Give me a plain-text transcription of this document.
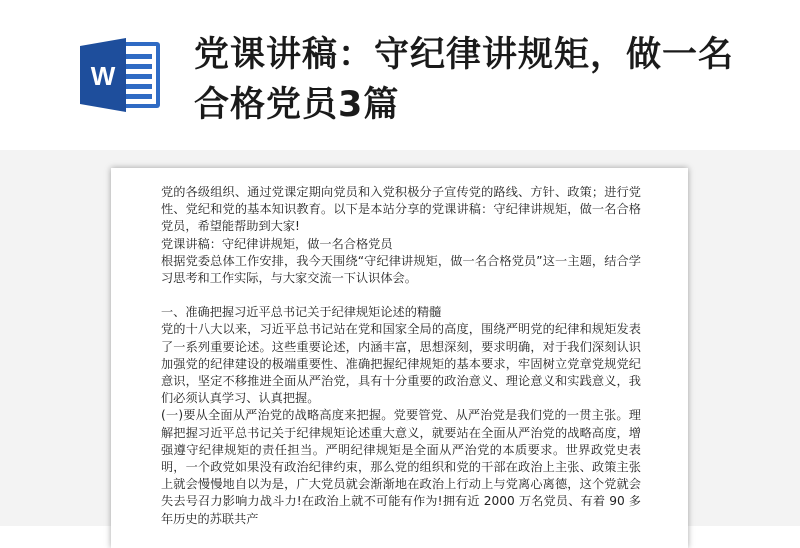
W
党课讲稿：守纪律讲规矩，做一名合格党员3篇

党的各级组织、通过党课定期向党员和入党积极分子宣传党的路线、方针、政策；进行党性、党纪和党的基本知识教育。以下是本站分享的党课讲稿：守纪律讲规矩，做一名合格党员，希望能帮助到大家!

党课讲稿：守纪律讲规矩，做一名合格党员

根据党委总体工作安排，我今天围绕“守纪律讲规矩，做一名合格党员”这一主题，结合学习思考和工作实际，与大家交流一下认识体会。

一、准确把握习近平总书记关于纪律规矩论述的精髓

党的十八大以来，习近平总书记站在党和国家全局的高度，围绕严明党的纪律和规矩发表了一系列重要论述。这些重要论述，内涵丰富，思想深刻，要求明确，对于我们深刻认识加强党的纪律建设的极端重要性、准确把握纪律规矩的基本要求，牢固树立党章党规党纪意识，坚定不移推进全面从严治党，具有十分重要的政治意义、理论意义和实践意义，我们必须认真学习、认真把握。

(一)要从全面从严治党的战略高度来把握。党要管党、从严治党是我们党的一贯主张。理解把握习近平总书记关于纪律规矩论述重大意义，就要站在全面从严治党的战略高度，增强遵守纪律规矩的责任担当。严明纪律规矩是全面从严治党的本质要求。世界政党史表明，一个政党如果没有政治纪律约束，那么党的组织和党的干部在政治上主张、政策主张上就会慢慢地自以为是，广大党员就会渐渐地在政治上行动上与党离心离德，这个党就会失去号召力影响力战斗力!在政治上就不可能有作为!拥有近 2000 万名党员、有着 90 多年历史的苏联共产
